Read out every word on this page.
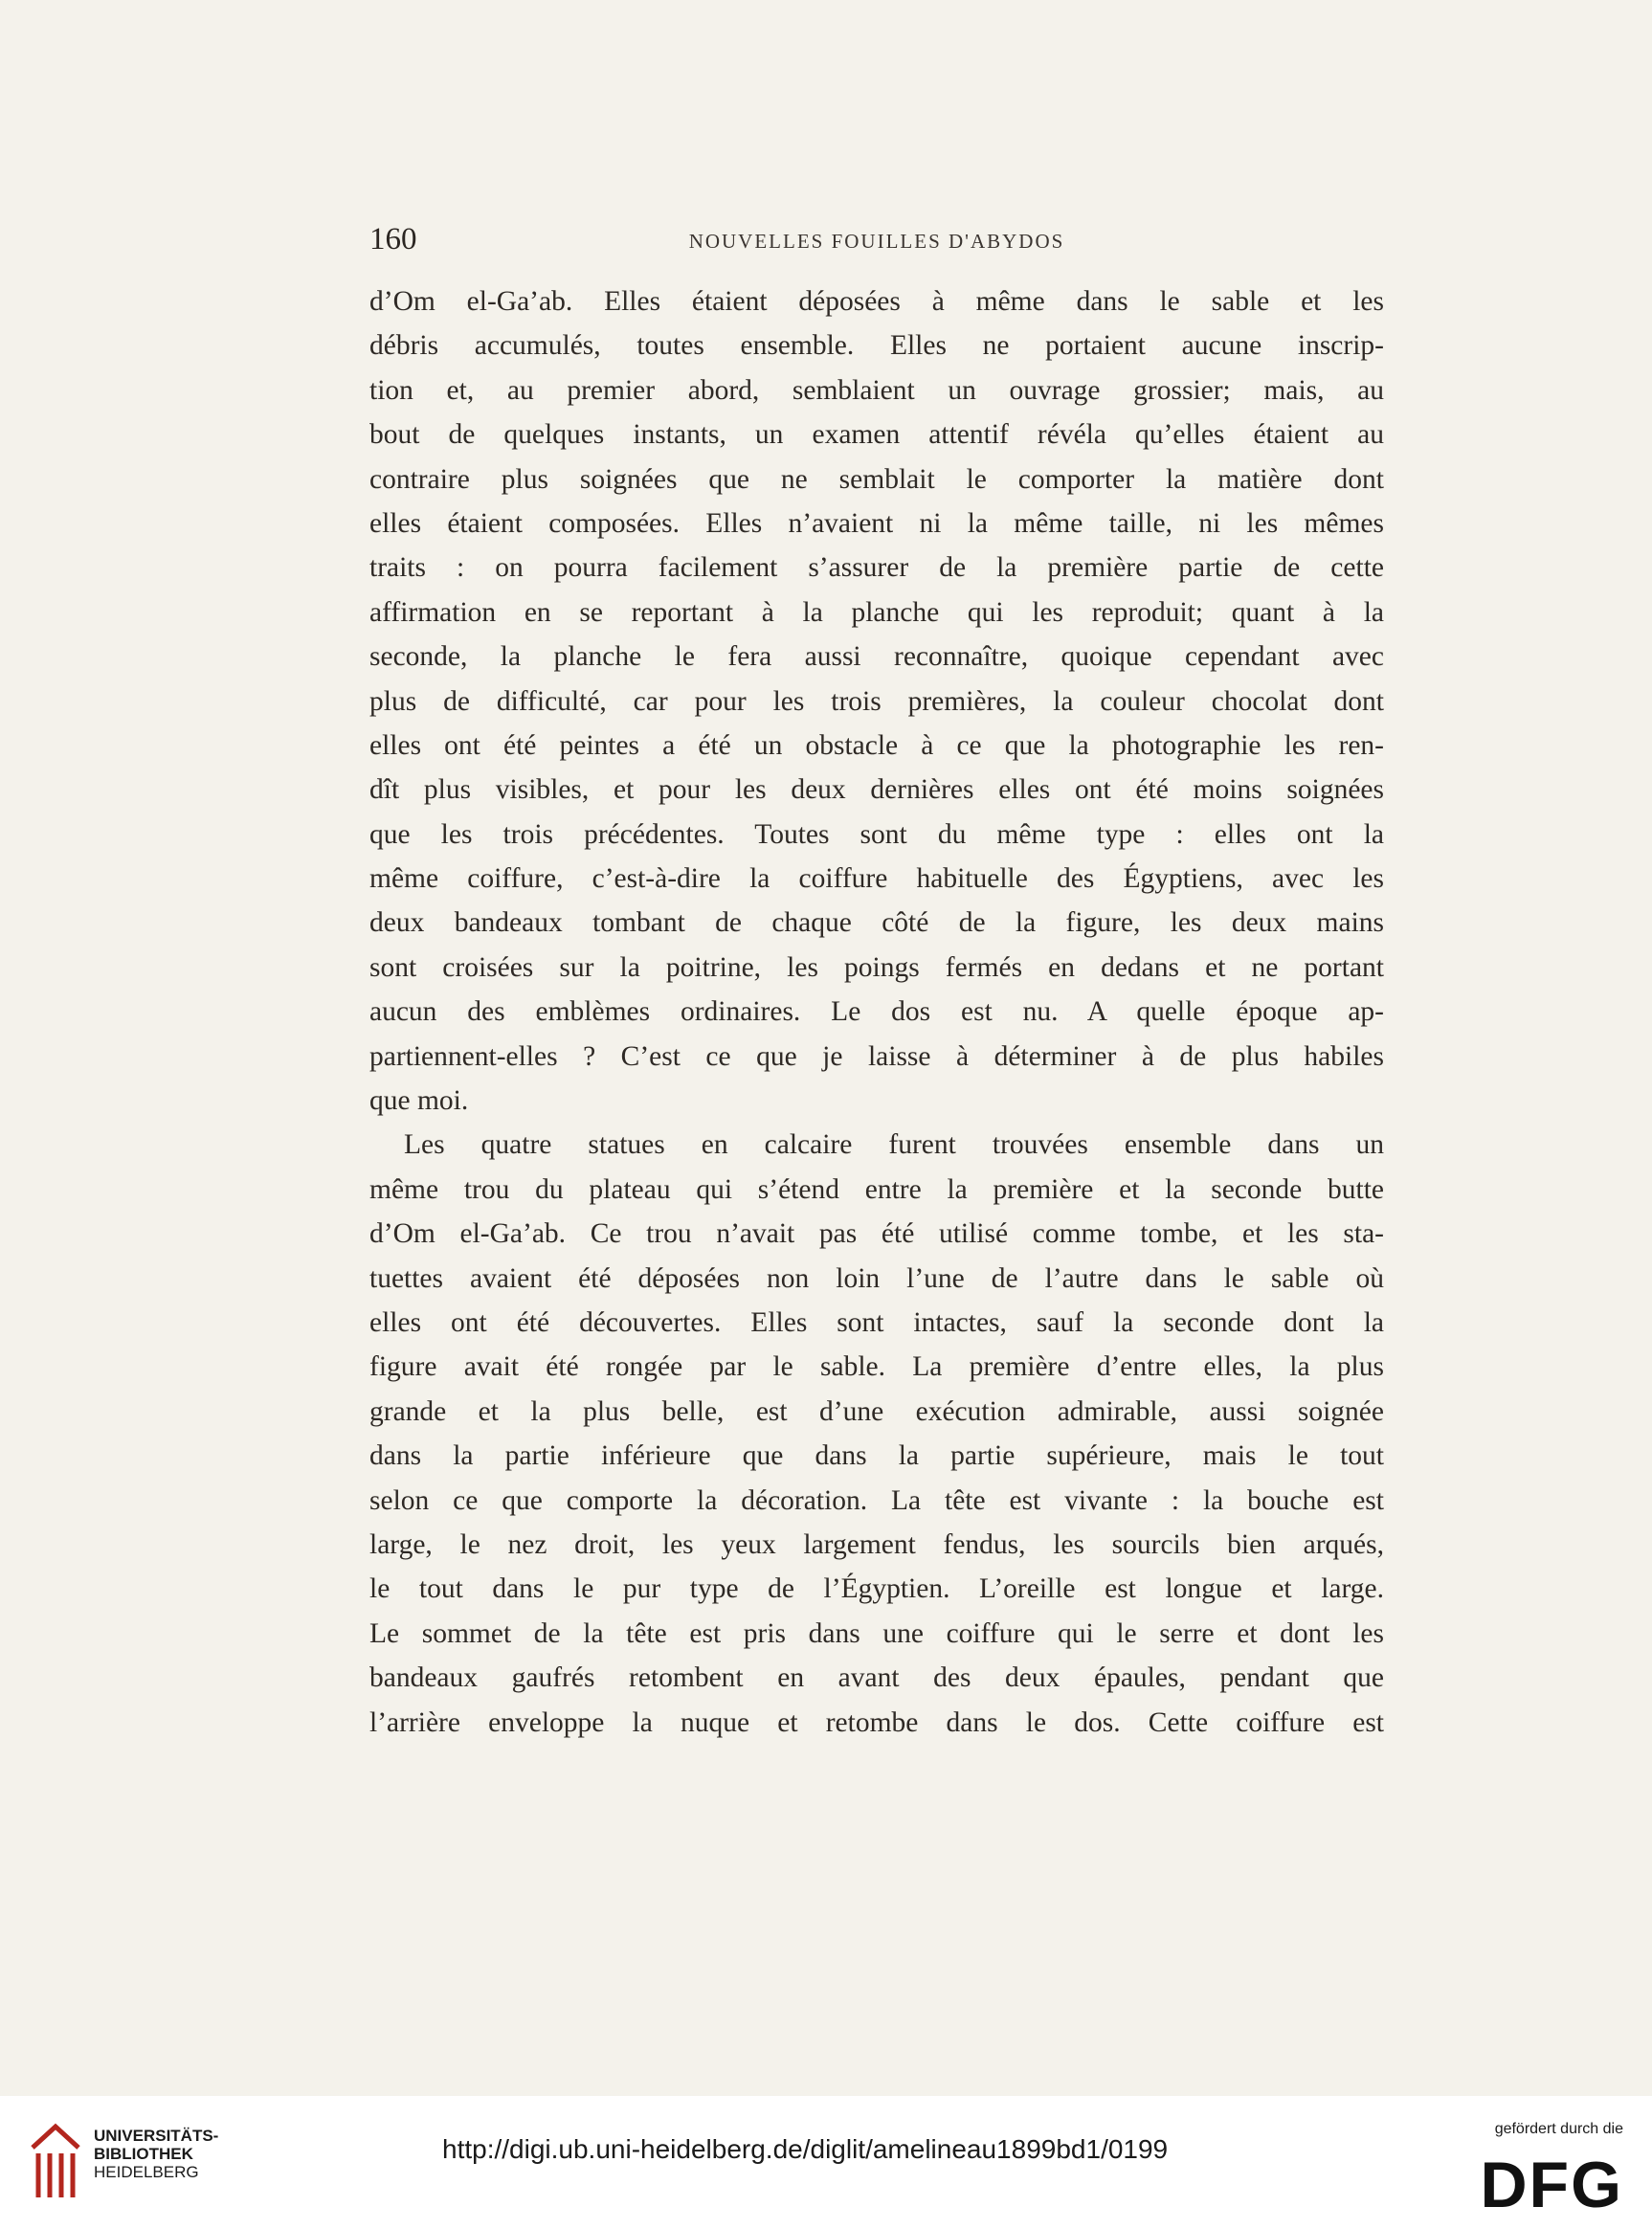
160	NOUVELLES FOUILLES D'ABYDOS
d’Om el-Ga’ab. Elles étaient déposées à même dans le sable et les
débris accumulés, toutes ensemble. Elles ne portaient aucune inscrip-
tion et, au premier abord, semblaient un ouvrage grossier; mais, au
bout de quelques instants, un examen attentif révéla qu’elles étaient au
contraire plus soignées que ne semblait le comporter la matière dont
elles étaient composées. Elles n’avaient ni la même taille, ni les mêmes
traits : on pourra facilement s’assurer de la première partie de cette
affirmation en se reportant à la planche qui les reproduit; quant à la
seconde, la planche le fera aussi reconnaître, quoique cependant avec
plus de difficulté, car pour les trois premières, la couleur chocolat dont
elles ont été peintes a été un obstacle à ce que la photographie les ren-
dît plus visibles, et pour les deux dernières elles ont été moins soignées
que les trois précédentes. Toutes sont du même type : elles ont la
même coiffure, c’est-à-dire la coiffure habituelle des Égyptiens, avec les
deux bandeaux tombant de chaque côté de la figure, les deux mains
sont croisées sur la poitrine, les poings fermés en dedans et ne portant
aucun des emblèmes ordinaires. Le dos est nu. A quelle époque ap-
partiennent-elles ? C’est ce que je laisse à déterminer à de plus habiles
que moi.
Les quatre statues en calcaire furent trouvées ensemble dans un
même trou du plateau qui s’étend entre la première et la seconde butte
d’Om el-Ga’ab. Ce trou n’avait pas été utilisé comme tombe, et les sta-
tuettes avaient été déposées non loin l’une de l’autre dans le sable où
elles ont été découvertes. Elles sont intactes, sauf la seconde dont la
figure avait été rongée par le sable. La première d’entre elles, la plus
grande et la plus belle, est d’une exécution admirable, aussi soignée
dans la partie inférieure que dans la partie supérieure, mais le tout
selon ce que comporte la décoration. La tête est vivante : la bouche est
large, le nez droit, les yeux largement fendus, les sourcils bien arqués,
le tout dans le pur type de l’Égyptien. L’oreille est longue et large.
Le sommet de la tête est pris dans une coiffure qui le serre et dont les
bandeaux gaufrés retombent en avant des deux épaules, pendant que
l’arrière enveloppe la nuque et retombe dans le dos. Cette coiffure est
UNIVERSITÄTS-
BIBLIOTHEK
HEIDELBERG
http://digi.ub.uni-heidelberg.de/diglit/amelineau1899bd1/0199
gefördert durch die
DFG
